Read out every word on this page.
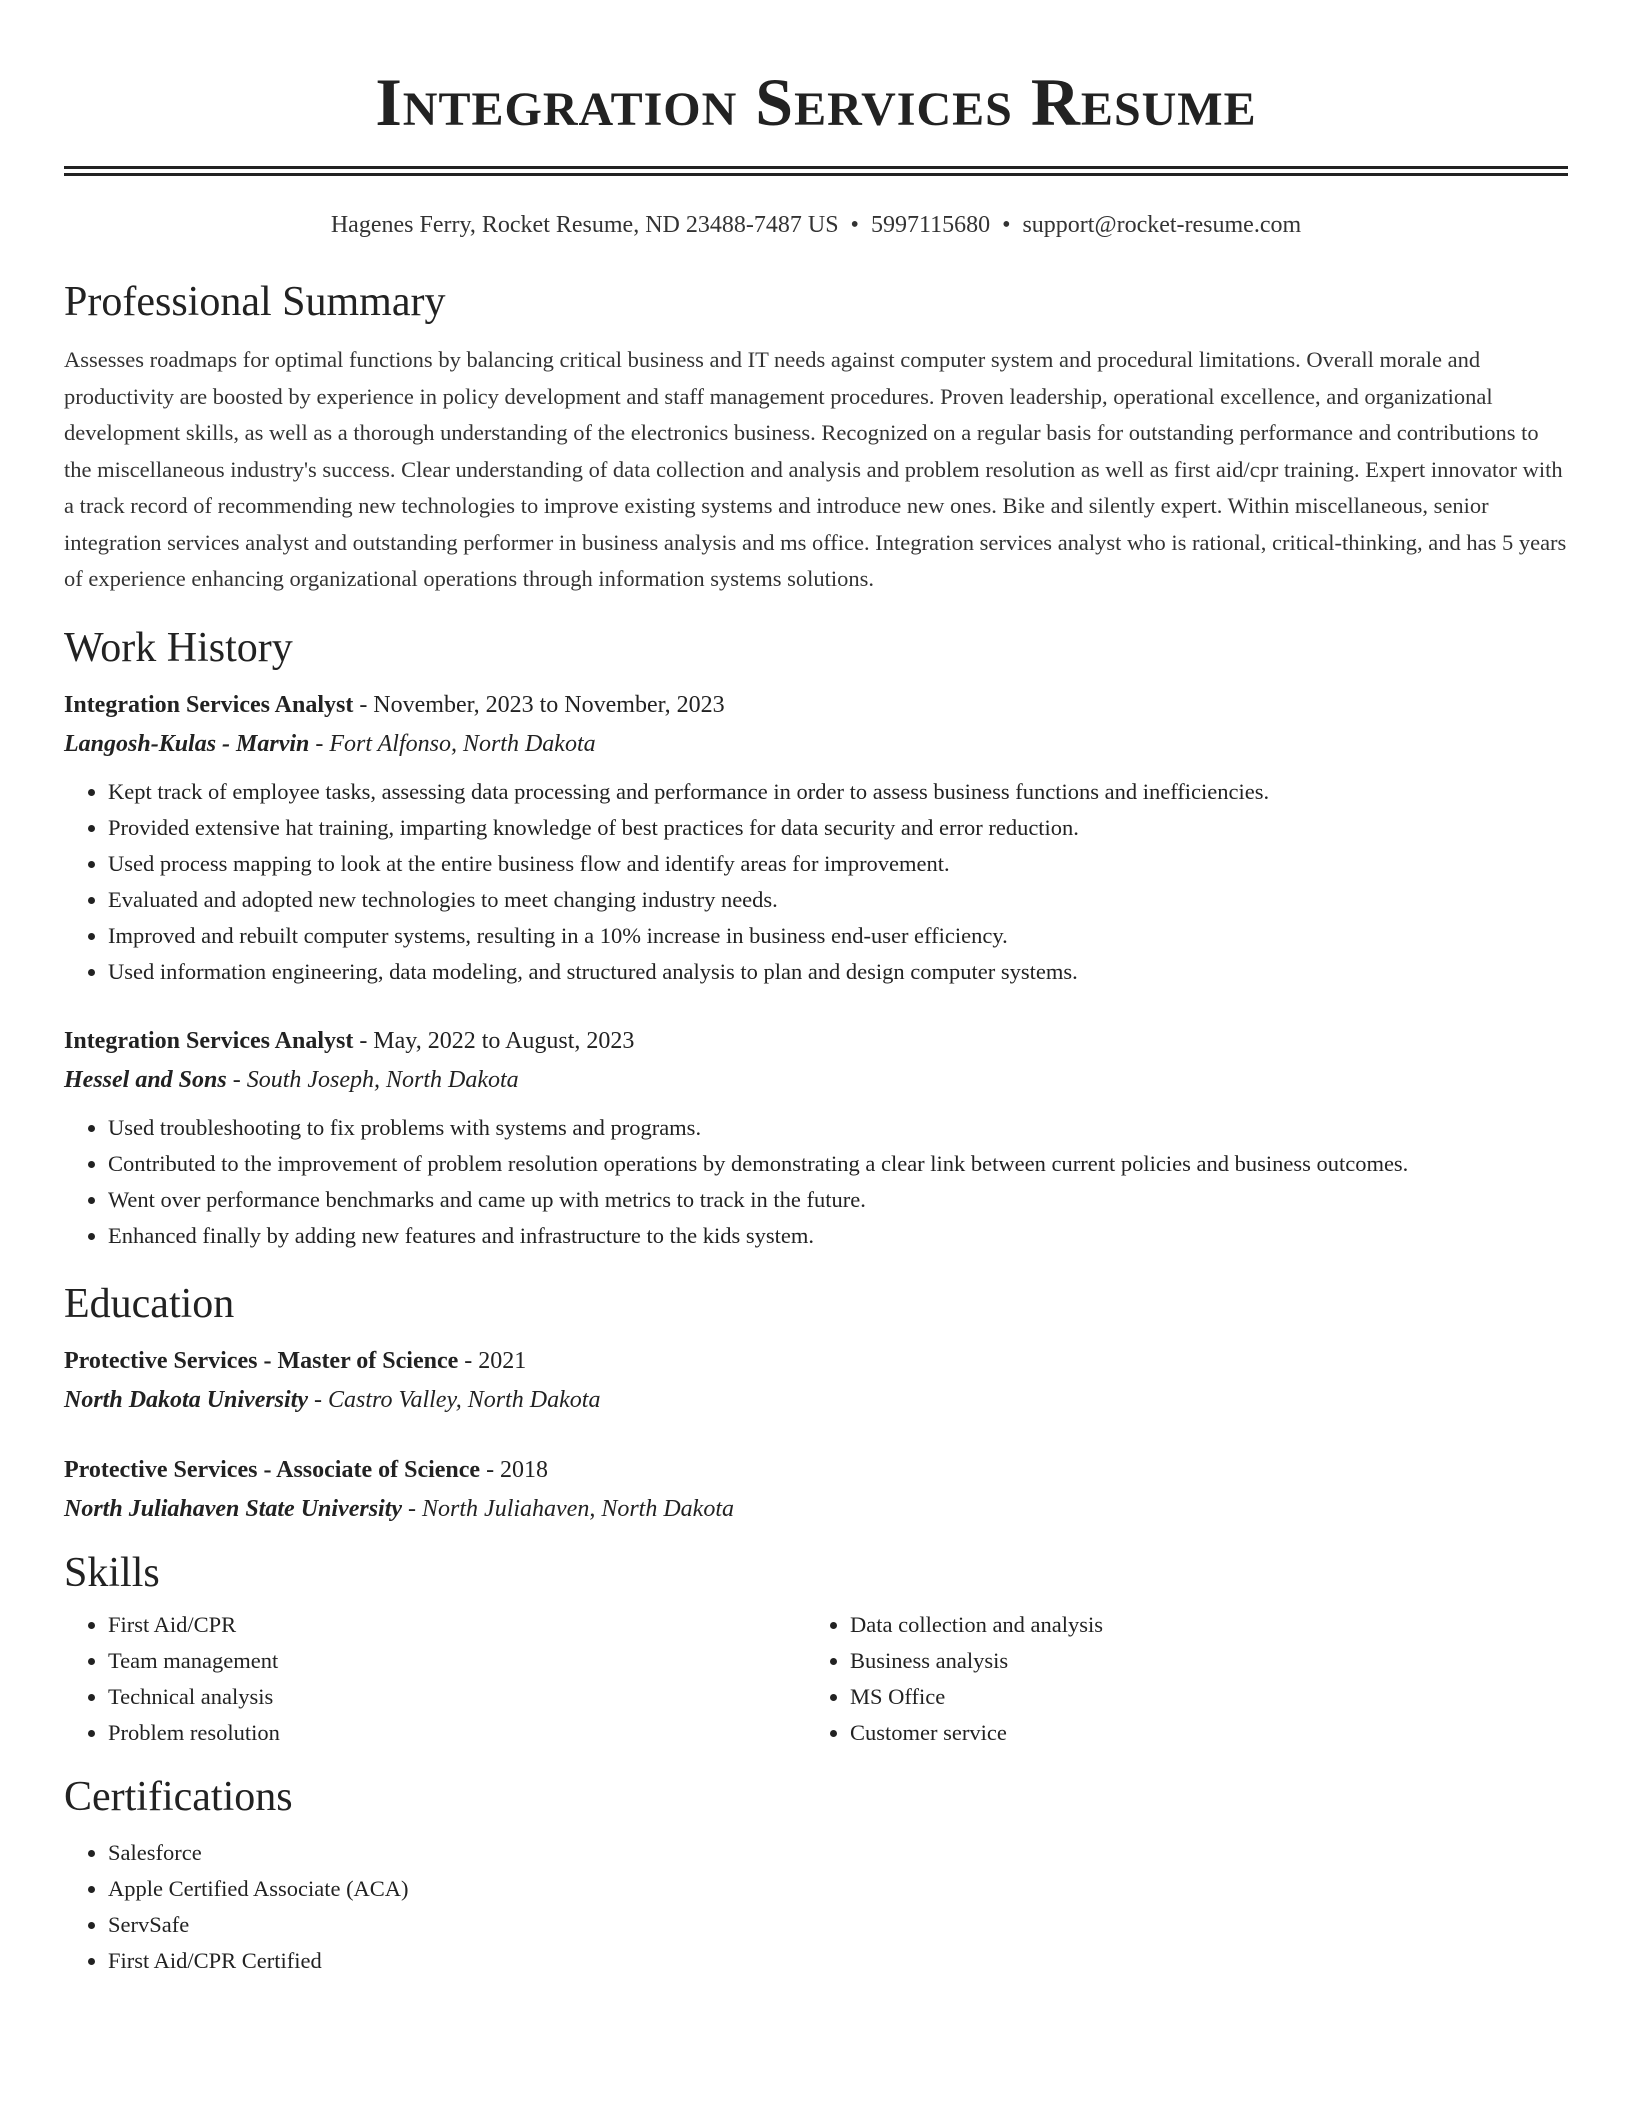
Integration Services Resume
Hagenes Ferry, Rocket Resume, ND 23488-7487 US • 5997115680 • support@rocket-resume.com
Professional Summary

Assesses roadmaps for optimal functions by balancing critical business and IT needs against computer system and procedural limitations. Overall morale and productivity are boosted by experience in policy development and staff management procedures. Proven leadership, operational excellence, and organizational development skills, as well as a thorough understanding of the electronics business. Recognized on a regular basis for outstanding performance and contributions to the miscellaneous industry's success. Clear understanding of data collection and analysis and problem resolution as well as first aid/cpr training. Expert innovator with a track record of recommending new technologies to improve existing systems and introduce new ones. Bike and silently expert. Within miscellaneous, senior integration services analyst and outstanding performer in business analysis and ms office. Integration services analyst who is rational, critical-thinking, and has 5 years of experience enhancing organizational operations through information systems solutions.

Work History
Integration Services Analyst - November, 2023 to November, 2023
Langosh-Kulas - Marvin - Fort Alfonso, North Dakota
• Kept track of employee tasks, assessing data processing and performance in order to assess business functions and inefficiencies.
• Provided extensive hat training, imparting knowledge of best practices for data security and error reduction.
• Used process mapping to look at the entire business flow and identify areas for improvement.
• Evaluated and adopted new technologies to meet changing industry needs.
• Improved and rebuilt computer systems, resulting in a 10% increase in business end-user efficiency.
• Used information engineering, data modeling, and structured analysis to plan and design computer systems.
Integration Services Analyst - May, 2022 to August, 2023
Hessel and Sons - South Joseph, North Dakota
• Used troubleshooting to fix problems with systems and programs.
• Contributed to the improvement of problem resolution operations by demonstrating a clear link between current policies and business outcomes.
• Went over performance benchmarks and came up with metrics to track in the future.
• Enhanced finally by adding new features and infrastructure to the kids system.
Education
Protective Services - Master of Science - 2021
North Dakota University - Castro Valley, North Dakota
Protective Services - Associate of Science - 2018
North Juliahaven State University - North Juliahaven, North Dakota
Skills
• First Aid/CPR
• Team management
• Technical analysis
• Problem resolution
• Data collection and analysis
• Business analysis
• MS Office
• Customer service
Certifications
• Salesforce
• Apple Certified Associate (ACA)
• ServSafe
• First Aid/CPR Certified
